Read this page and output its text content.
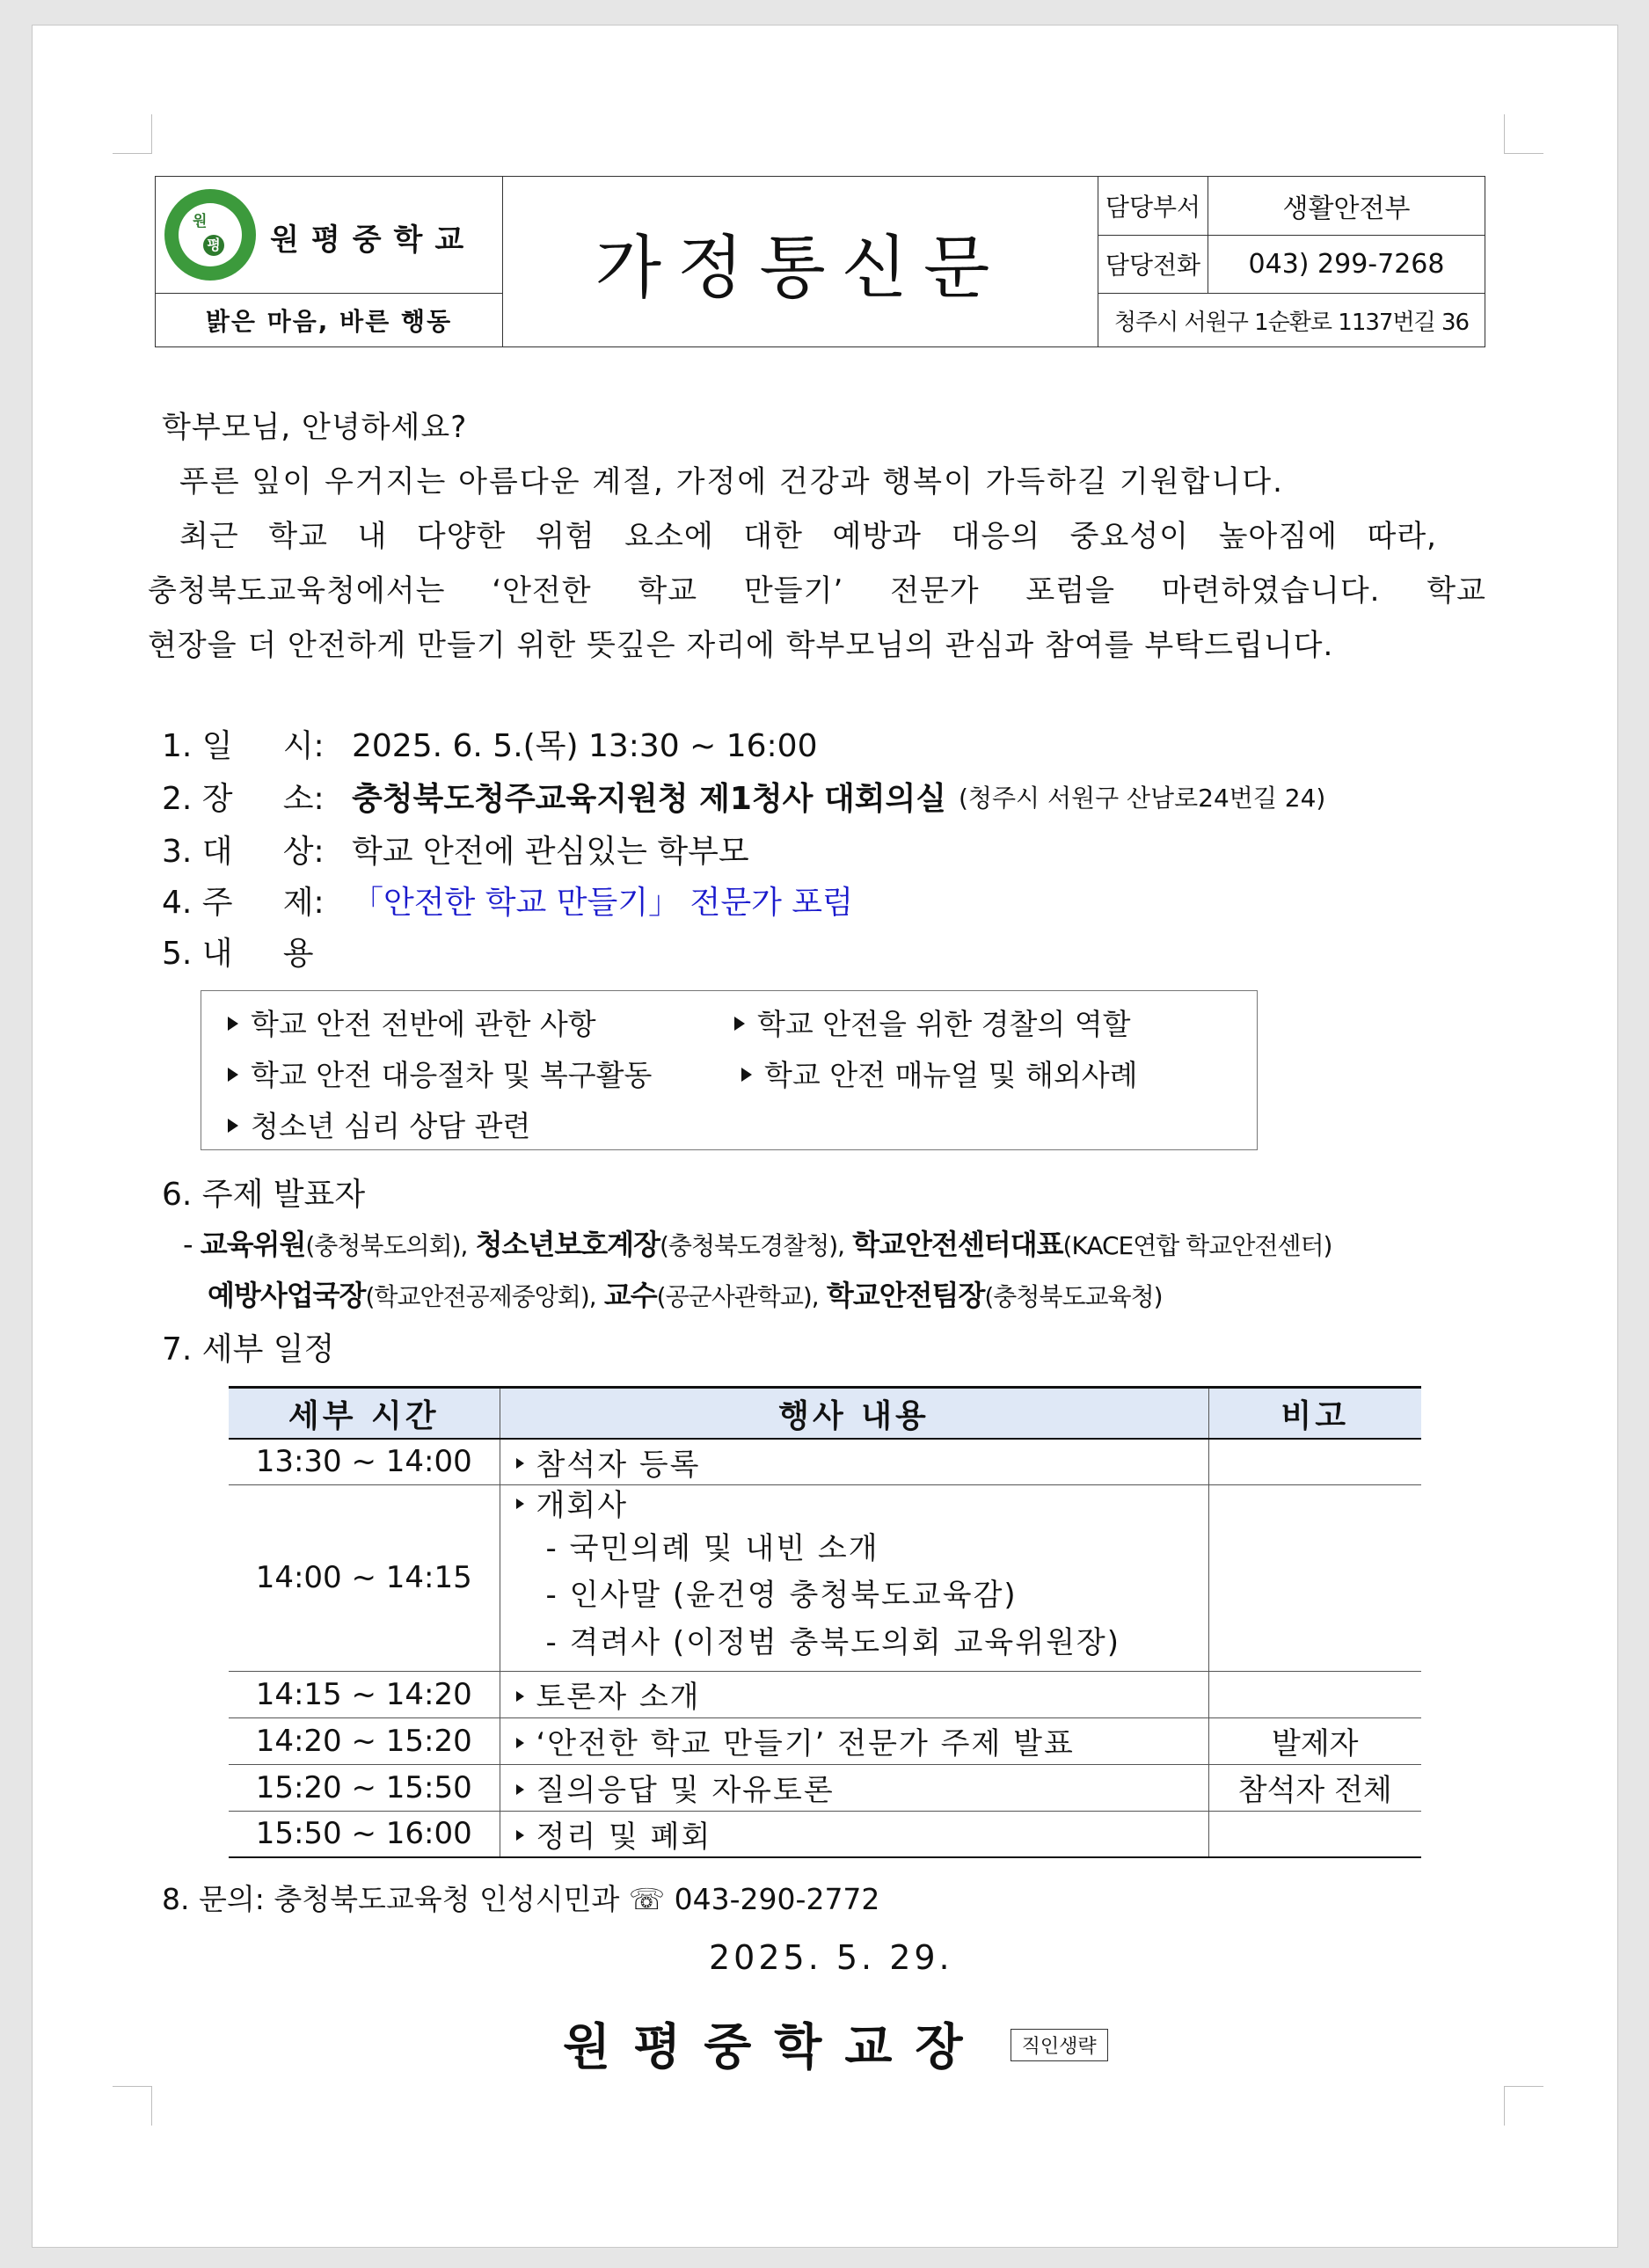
원
평 원평중학교	가정통신문	담당부서	생활안전부
		담당전화	043) 299-7268
밝은 마음, 바른 행동		청주시 서원구 1순환로 1137번길 36	
학부모님, 안녕하세요?
푸른 잎이 우거지는 아름다운 계절, 가정에 건강과 행복이 가득하길 기원합니다.
최근 학교 내 다양한 위험 요소에 대한 예방과 대응의 중요성이 높아짐에 따라,
충청북도교육청에서는 ‘안전한 학교 만들기’ 전문가 포럼을 마련하였습니다. 학교
현장을 더 안전하게 만들기 위한 뜻깊은 자리에 학부모님의 관심과 참여를 부탁드립니다.
1. 일     시: 2025. 6. 5.(목) 13:30 ~ 16:00
2. 장     소: 충청북도청주교육지원청 제1청사 대회의실 (청주시 서원구 산남로24번길 24)
3. 대     상: 학교 안전에 관심있는 학부모
4. 주     제: 「안전한 학교 만들기」 전문가 포럼
5. 내     용
학교 안전 전반에 관한 사항	학교 안전을 위한 경찰의 역할
학교 안전 대응절차 및 복구활동	학교 안전 매뉴얼 및 해외사례
청소년 심리 상담 관련
6. 주제 발표자
- 교육위원(충청북도의회), 청소년보호계장(충청북도경찰청), 학교안전센터대표(KACE연합 학교안전센터)
예방사업국장(학교안전공제중앙회), 교수(공군사관학교), 학교안전팀장(충청북도교육청)
7. 세부 일정
세부 시간	행사 내용	비고
13:30 ~ 14:00	참석자 등록	
14:00 ~ 14:15	개회사
- 국민의례 및 내빈 소개
- 인사말 (윤건영 충청북도교육감)
- 격려사 (이정범 충북도의회 교육위원장)	

14:15 ~ 14:20	토론자 소개	
14:20 ~ 15:20	‘안전한 학교 만들기’ 전문가 주제 발표	발제자
15:20 ~ 15:50	질의응답 및 자유토론	참석자 전체
15:50 ~ 16:00	정리 및 폐회	
8. 문의: 충청북도교육청 인성시민과 ☏ 043-290-2772
2025. 5. 29.
원평중학교장 직인생략
